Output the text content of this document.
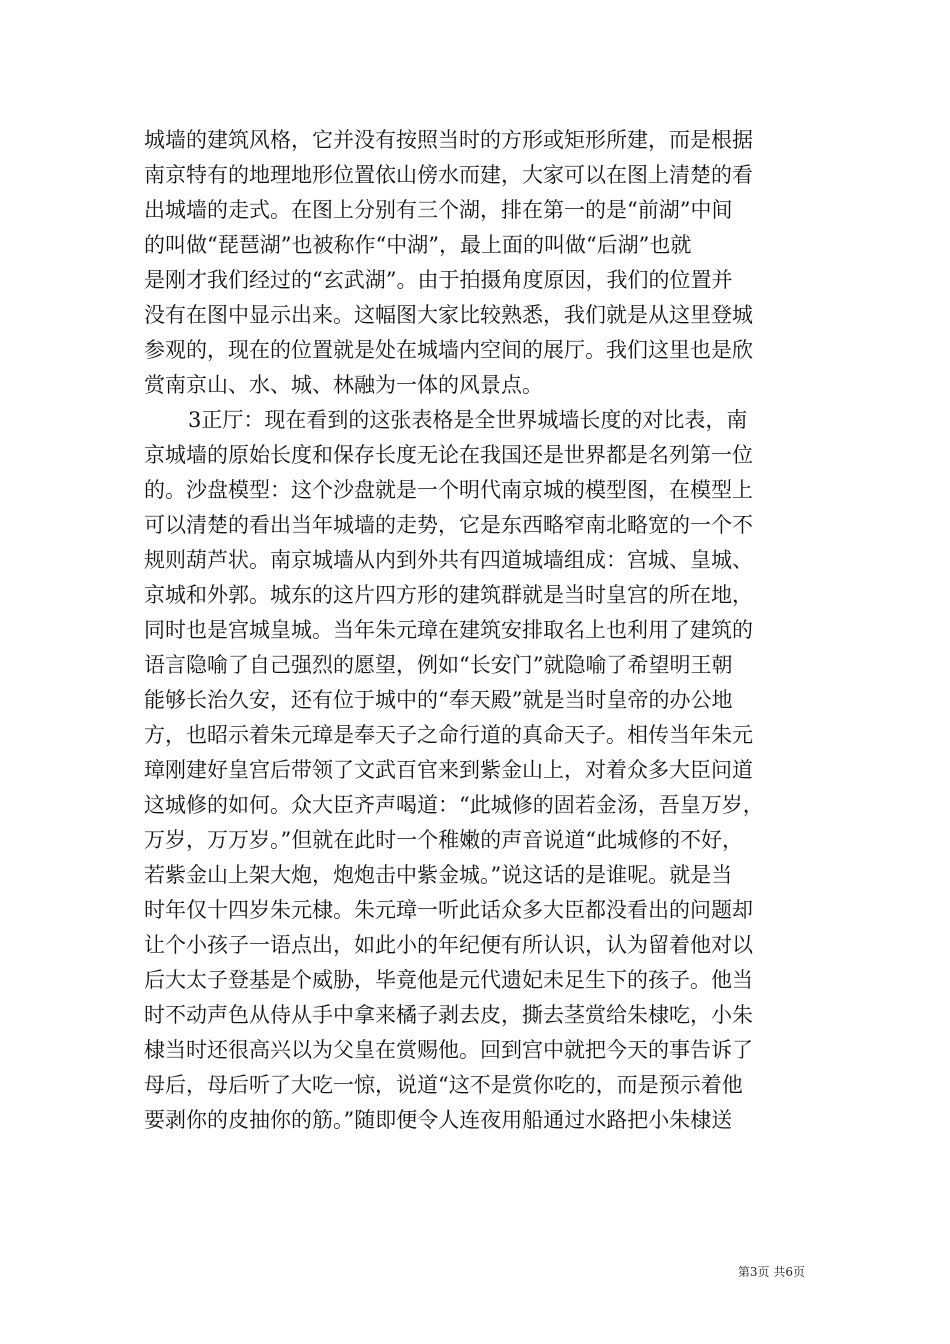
城墙的建筑风格，它并没有按照当时的方形或矩形所建，而是根据
南京特有的地理地形位置依山傍水而建，大家可以在图上清楚的看
出城墙的走式。在图上分别有三个湖，排在第一的是“前湖”中间
的叫做“琵琶湖”也被称作“中湖”，最上面的叫做“后湖”也就
是刚才我们经过的“玄武湖”。由于拍摄角度原因，我们的位置并
没有在图中显示出来。这幅图大家比较熟悉，我们就是从这里登城
参观的，现在的位置就是处在城墙内空间的展厅。我们这里也是欣
赏南京山、水、城、林融为一体的风景点。
3正厅：现在看到的这张表格是全世界城墙长度的对比表，南
京城墙的原始长度和保存长度无论在我国还是世界都是名列第一位
的。沙盘模型：这个沙盘就是一个明代南京城的模型图，在模型上
可以清楚的看出当年城墙的走势，它是东西略窄南北略宽的一个不
规则葫芦状。南京城墙从内到外共有四道城墙组成：宫城、皇城、
京城和外郭。城东的这片四方形的建筑群就是当时皇宫的所在地，
同时也是宫城皇城。当年朱元璋在建筑安排取名上也利用了建筑的
语言隐喻了自己强烈的愿望，例如“长安门”就隐喻了希望明王朝
能够长治久安，还有位于城中的“奉天殿”就是当时皇帝的办公地
方，也昭示着朱元璋是奉天子之命行道的真命天子。相传当年朱元
璋刚建好皇宫后带领了文武百官来到紫金山上，对着众多大臣问道
这城修的如何。众大臣齐声喝道：“此城修的固若金汤，吾皇万岁，
万岁，万万岁。”但就在此时一个稚嫩的声音说道“此城修的不好，
若紫金山上架大炮，炮炮击中紫金城。”说这话的是谁呢。就是当
时年仅十四岁朱元棣。朱元璋一听此话众多大臣都没看出的问题却
让个小孩子一语点出，如此小的年纪便有所认识，认为留着他对以
后大太子登基是个威胁，毕竟他是元代遗妃未足生下的孩子。他当
时不动声色从侍从手中拿来橘子剥去皮，撕去茎赏给朱棣吃，小朱
棣当时还很高兴以为父皇在赏赐他。回到宫中就把今天的事告诉了
母后，母后听了大吃一惊，说道“这不是赏你吃的，而是预示着他
要剥你的皮抽你的筋。”随即便令人连夜用船通过水路把小朱棣送
第3页 共6页
